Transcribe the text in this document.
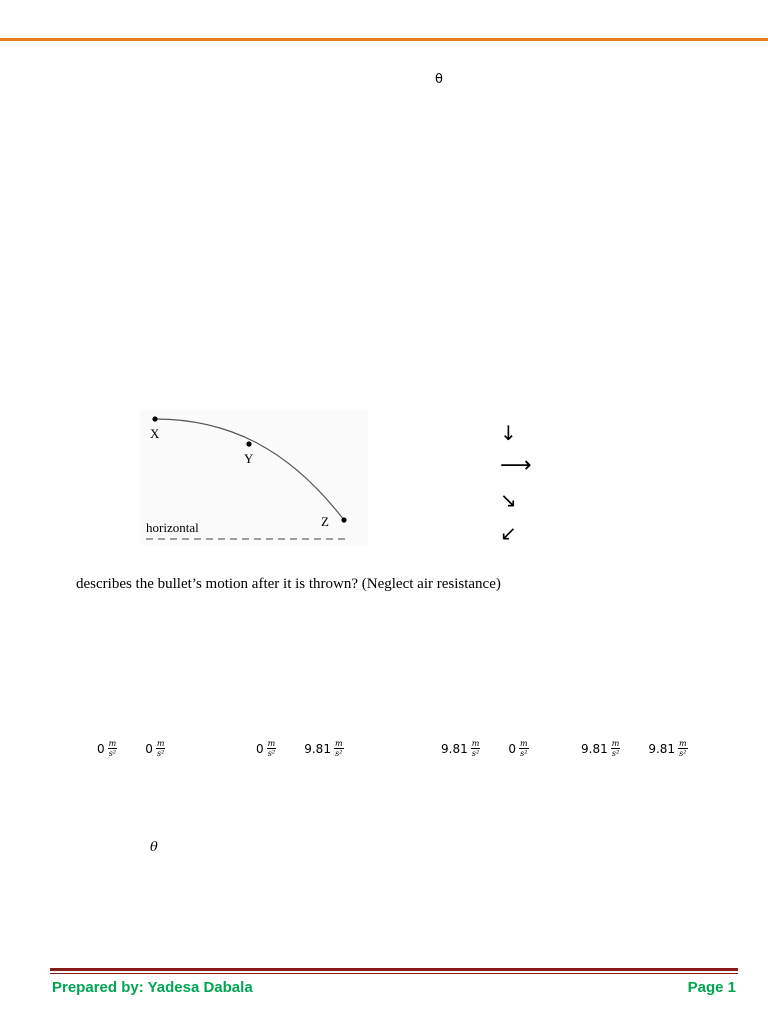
θ
X
Y
Z
horizontal
↓
⟶
↘
↙
describes the bullet’s motion after it is thrown? (Neglect air resistance)
$0 \frac{m}{\text{s²}} 0 \frac{m}{\text{s²}}$	$0 \frac{m}{\text{s²}} 9.81 \frac{m}{\text{s²}}$	$9.81 \frac{m}{\text{s²}} 0 \frac{m}{\text{s²}}$	$9.81 \frac{m}{\text{s²}} 9.81 \frac{m}{\text{s²}}$
θ
Prepared by: Yadesa Dabala	Page 1
